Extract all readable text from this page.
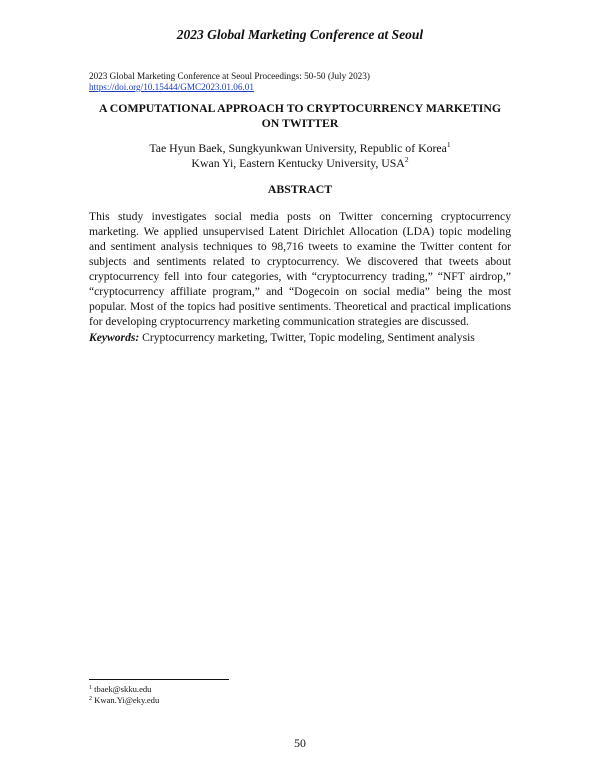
2023 Global Marketing Conference at Seoul
2023 Global Marketing Conference at Seoul Proceedings: 50-50 (July 2023)
https://doi.org/10.15444/GMC2023.01.06.01
A COMPUTATIONAL APPROACH TO CRYPTOCURRENCY MARKETING
ON TWITTER
Tae Hyun Baek, Sungkyunkwan University, Republic of Korea$^1$
Kwan Yi, Eastern Kentucky University, USA$^2$
ABSTRACT

This study investigates social media posts on Twitter concerning cryptocurrency marketing. We applied unsupervised Latent Dirichlet Allocation (LDA) topic modeling and sentiment analysis techniques to 98,716 tweets to examine the Twitter content for subjects and sentiments related to cryptocurrency. We discovered that tweets about cryptocurrency fell into four categories, with “cryptocurrency trading,” “NFT airdrop,” “cryptocurrency affiliate program,” and “Dogecoin on social media” being the most popular. Most of the topics had positive sentiments. Theoretical and practical implications for developing cryptocurrency marketing communication strategies are discussed.

Keywords: Cryptocurrency marketing, Twitter, Topic modeling, Sentiment analysis
$^1$ tbaek@skku.edu
$^2$ Kwan.Yi@eky.edu
50
